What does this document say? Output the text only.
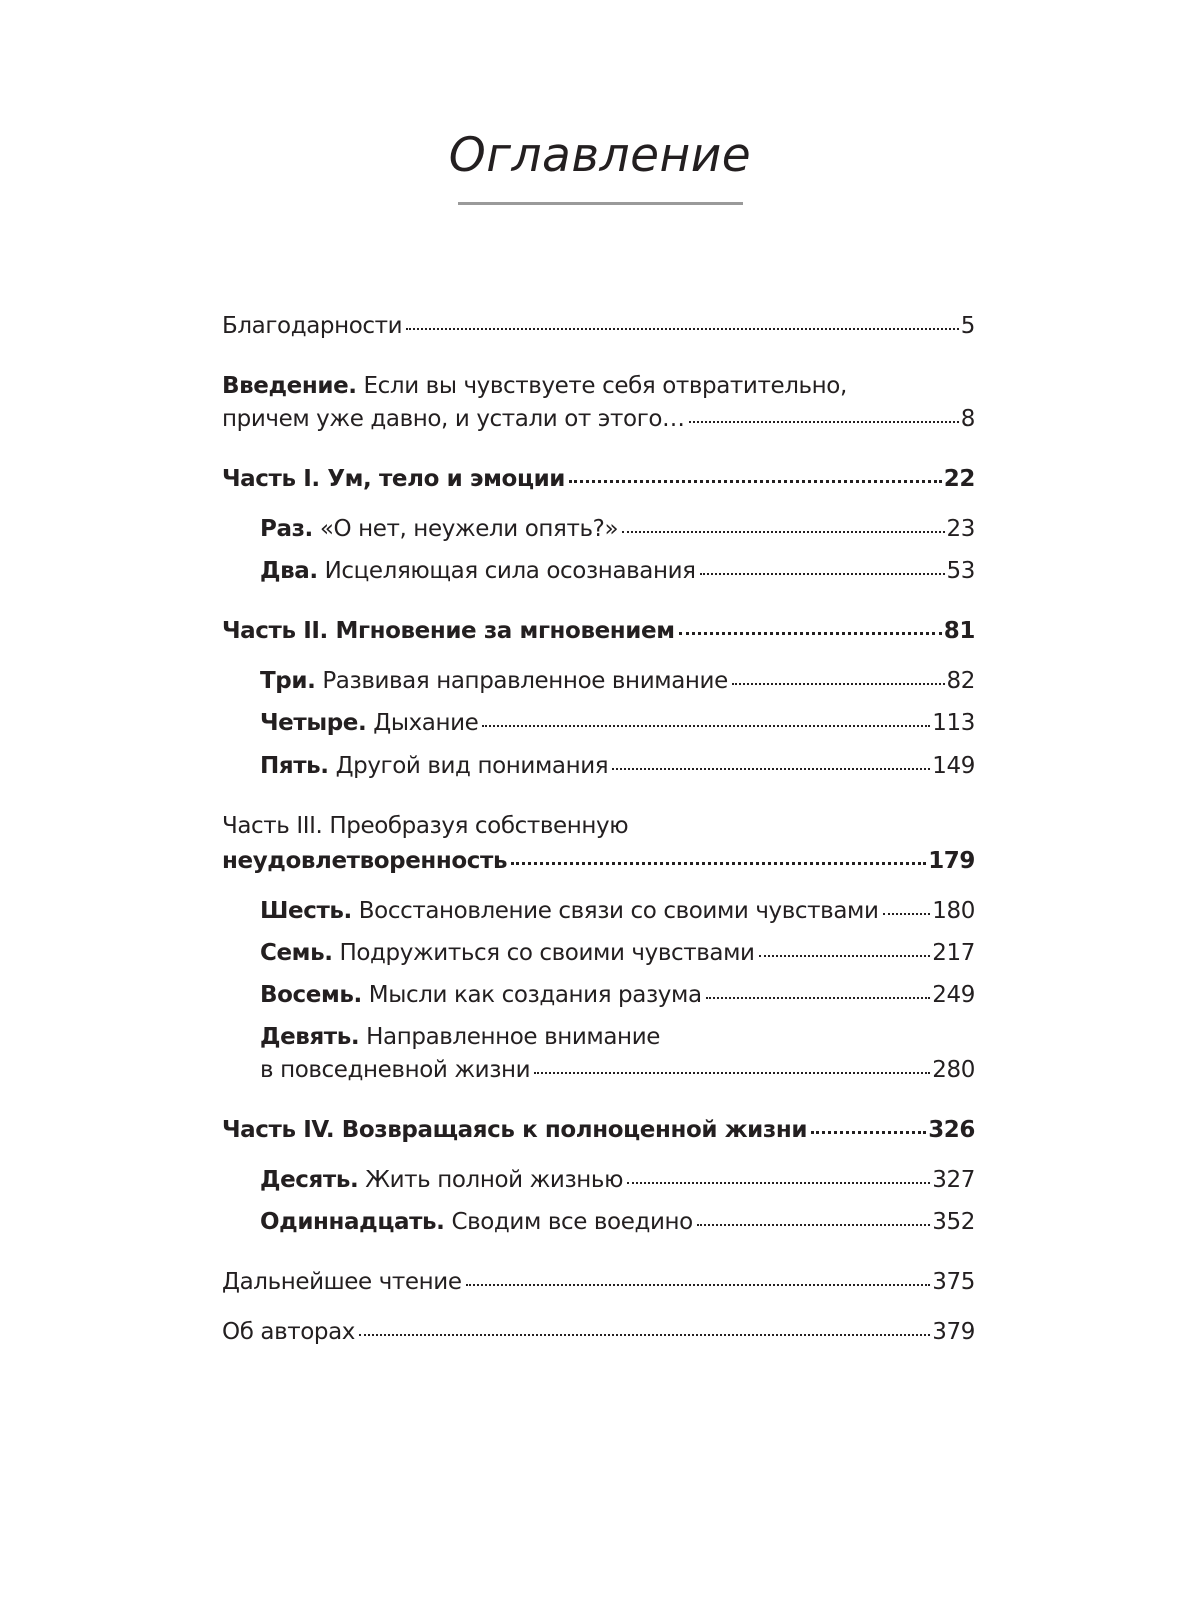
Оглавление
Благодарности	5
Введение. Если вы чувствуете себя отвратительно,
причем уже давно, и устали от этого…	8
Часть I. Ум, тело и эмоции	22
Раз. «О нет, неужели опять?»	23
Два. Исцеляющая сила осознавания	53
Часть II. Мгновение за мгновением	81
Три. Развивая направленное внимание	82
Четыре. Дыхание	113
Пять. Другой вид понимания	149
Часть III. Преобразуя собственную
неудовлетворенность	179
Шесть. Восстановление связи со своими чувствами 180
Семь. Подружиться со своими чувствами	217
Восемь. Мысли как создания разума	249
Девять. Направленное внимание
в повседневной жизни	280
Часть IV. Возвращаясь к полноценной жизни	326
Десять. Жить полной жизнью	327
Одиннадцать. Сводим все воедино	352
Дальнейшее чтение	375
Об авторах	379
